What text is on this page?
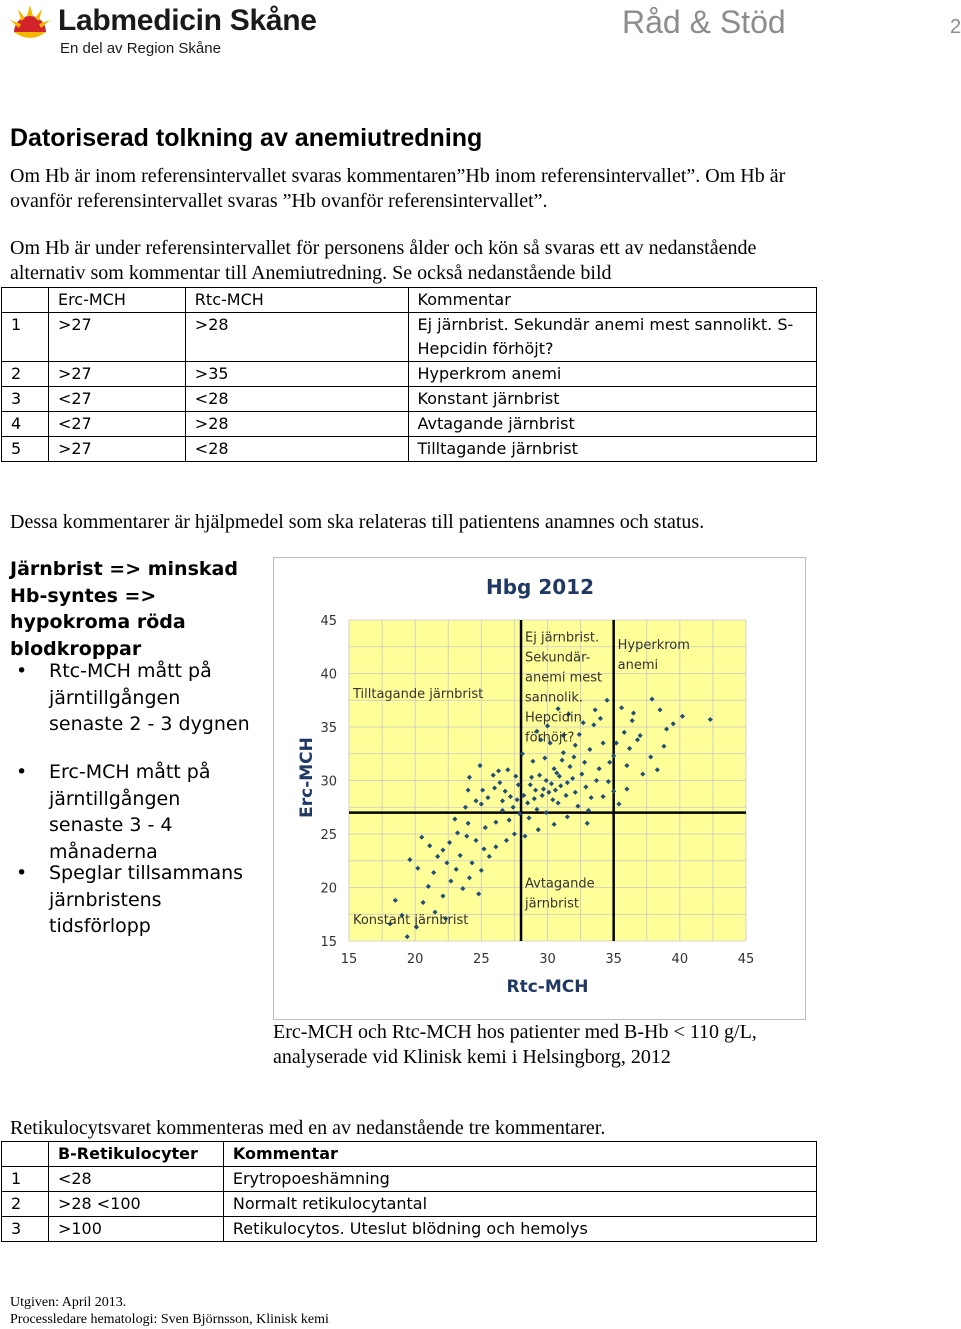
Labmedicin Skåne
En del av Region Skåne
Råd & Stöd	2
Datoriserad tolkning av anemiutredning

Om Hb är inom referensintervallet svaras kommentaren”Hb inom referensintervallet”. Om Hb är ovanför referensintervallet svaras ”Hb ovanför referensintervallet”.

Om Hb är under referensintervallet för personens ålder och kön så svaras ett av nedanstående alternativ som kommentar till Anemiutredning. Se också nedanstående bild

	Erc-MCH	Rtc-MCH	Kommentar
1	>27	>28	Ej järnbrist. Sekundär anemi mest sannolikt. S-Hepcidin förhöjt?
2	>27	>35	Hyperkrom anemi
3	<27	<28	Konstant järnbrist
4	<27	>28	Avtagande järnbrist
5	>27	<28	Tilltagande järnbrist

Dessa kommentarer är hjälpmedel som ska relateras till patientens anamnes och status.

Järnbrist => minskad Hb-syntes => hypokroma röda blodkroppar
• Rtc-MCH mått på järntillgången senaste 2 - 3 dygnen
• Erc-MCH mått på järntillgången senaste 3 - 4 månaderna
• Speglar tillsammans järnbristens tidsförlopp
Hbg 2012
15	20	25	30	35	40	45
15
20
25
30
35
40
45
Rtc-MCH
Erc-MCH
Ej järnbrist. Sekundär-anemi mest sannolik. Hepcidin förhöjt?
Hyperkrom anemi
Tilltagande järnbrist
Avtagande järnbrist
Konstant järnbrist
Erc-MCH och Rtc-MCH hos patienter med B-Hb < 110 g/L, analyserade vid Klinisk kemi i Helsingborg, 2012

Retikulocytsvaret kommenteras med en av nedanstående tre kommentarer.

	B-Retikulocyter	Kommentar
1	<28	Erytropoeshämning
2	>28 <100	Normalt retikulocytantal
3	>100	Retikulocytos. Uteslut blödning och hemolys
Utgiven: April 2013.
Processledare hematologi: Sven Björnsson, Klinisk kemi
